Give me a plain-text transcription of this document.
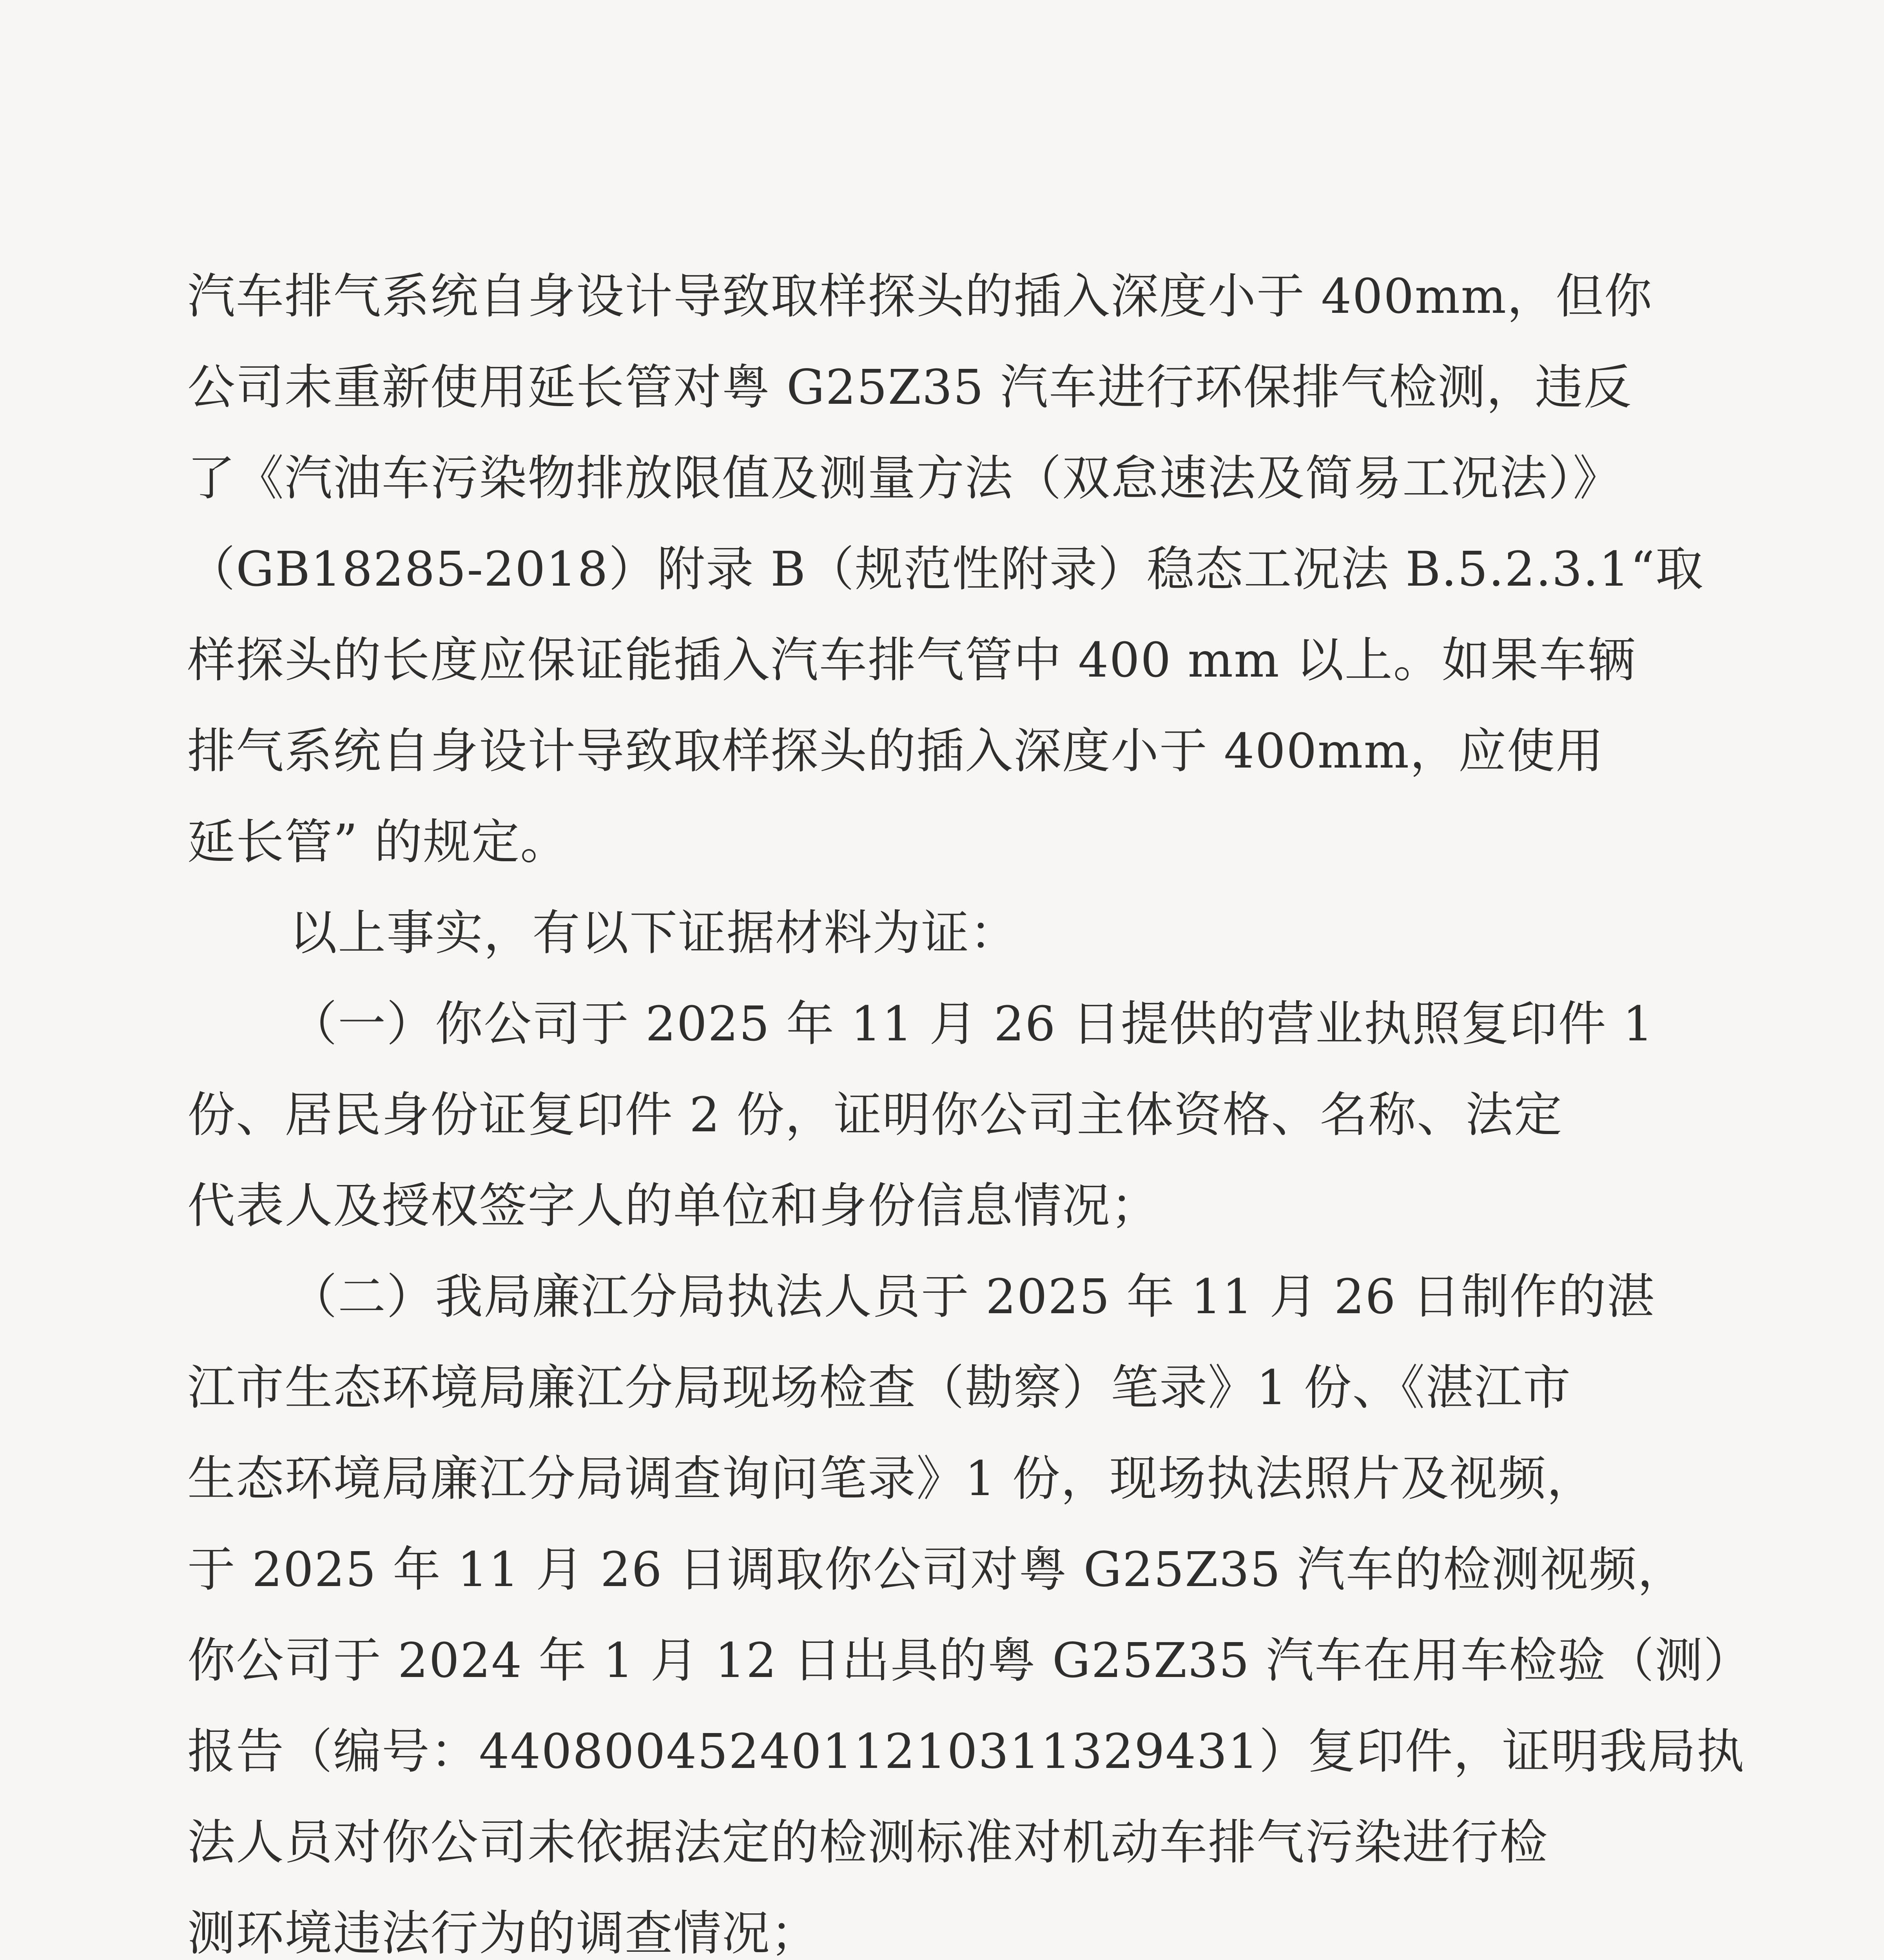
汽车排气系统自身设计导致取样探头的插入深度小于 400mm，但你
公司未重新使用延长管对粤 G25Z35 汽车进行环保排气检测，违反
了《汽油车污染物排放限值及测量方法（双怠速法及简易工况法）》
（GB18285-2018）附录 B（规范性附录）稳态工况法 B.5.2.3.1“取
样探头的长度应保证能插入汽车排气管中 400 mm 以上。如果车辆
排气系统自身设计导致取样探头的插入深度小于 400mm，应使用
延长管” 的规定。
以上事实，有以下证据材料为证：
（一）你公司于 2025 年 11 月 26 日提供的营业执照复印件 1
份、居民身份证复印件 2 份，证明你公司主体资格、名称、法定
代表人及授权签字人的单位和身份信息情况；
（二）我局廉江分局执法人员于 2025 年 11 月 26 日制作的湛
江市生态环境局廉江分局现场检查（勘察）笔录》1 份、《湛江市
生态环境局廉江分局调查询问笔录》1 份，现场执法照片及视频，
于 2025 年 11 月 26 日调取你公司对粤 G25Z35 汽车的检测视频，
你公司于 2024 年 1 月 12 日出具的粤 G25Z35 汽车在用车检验（测）
报告（编号：440800452401121031132​9431）复印件，证明我局执
法人员对你公司未依据法定的检测标准对机动车排气污染进行检
测环境违法行为的调查情况；
